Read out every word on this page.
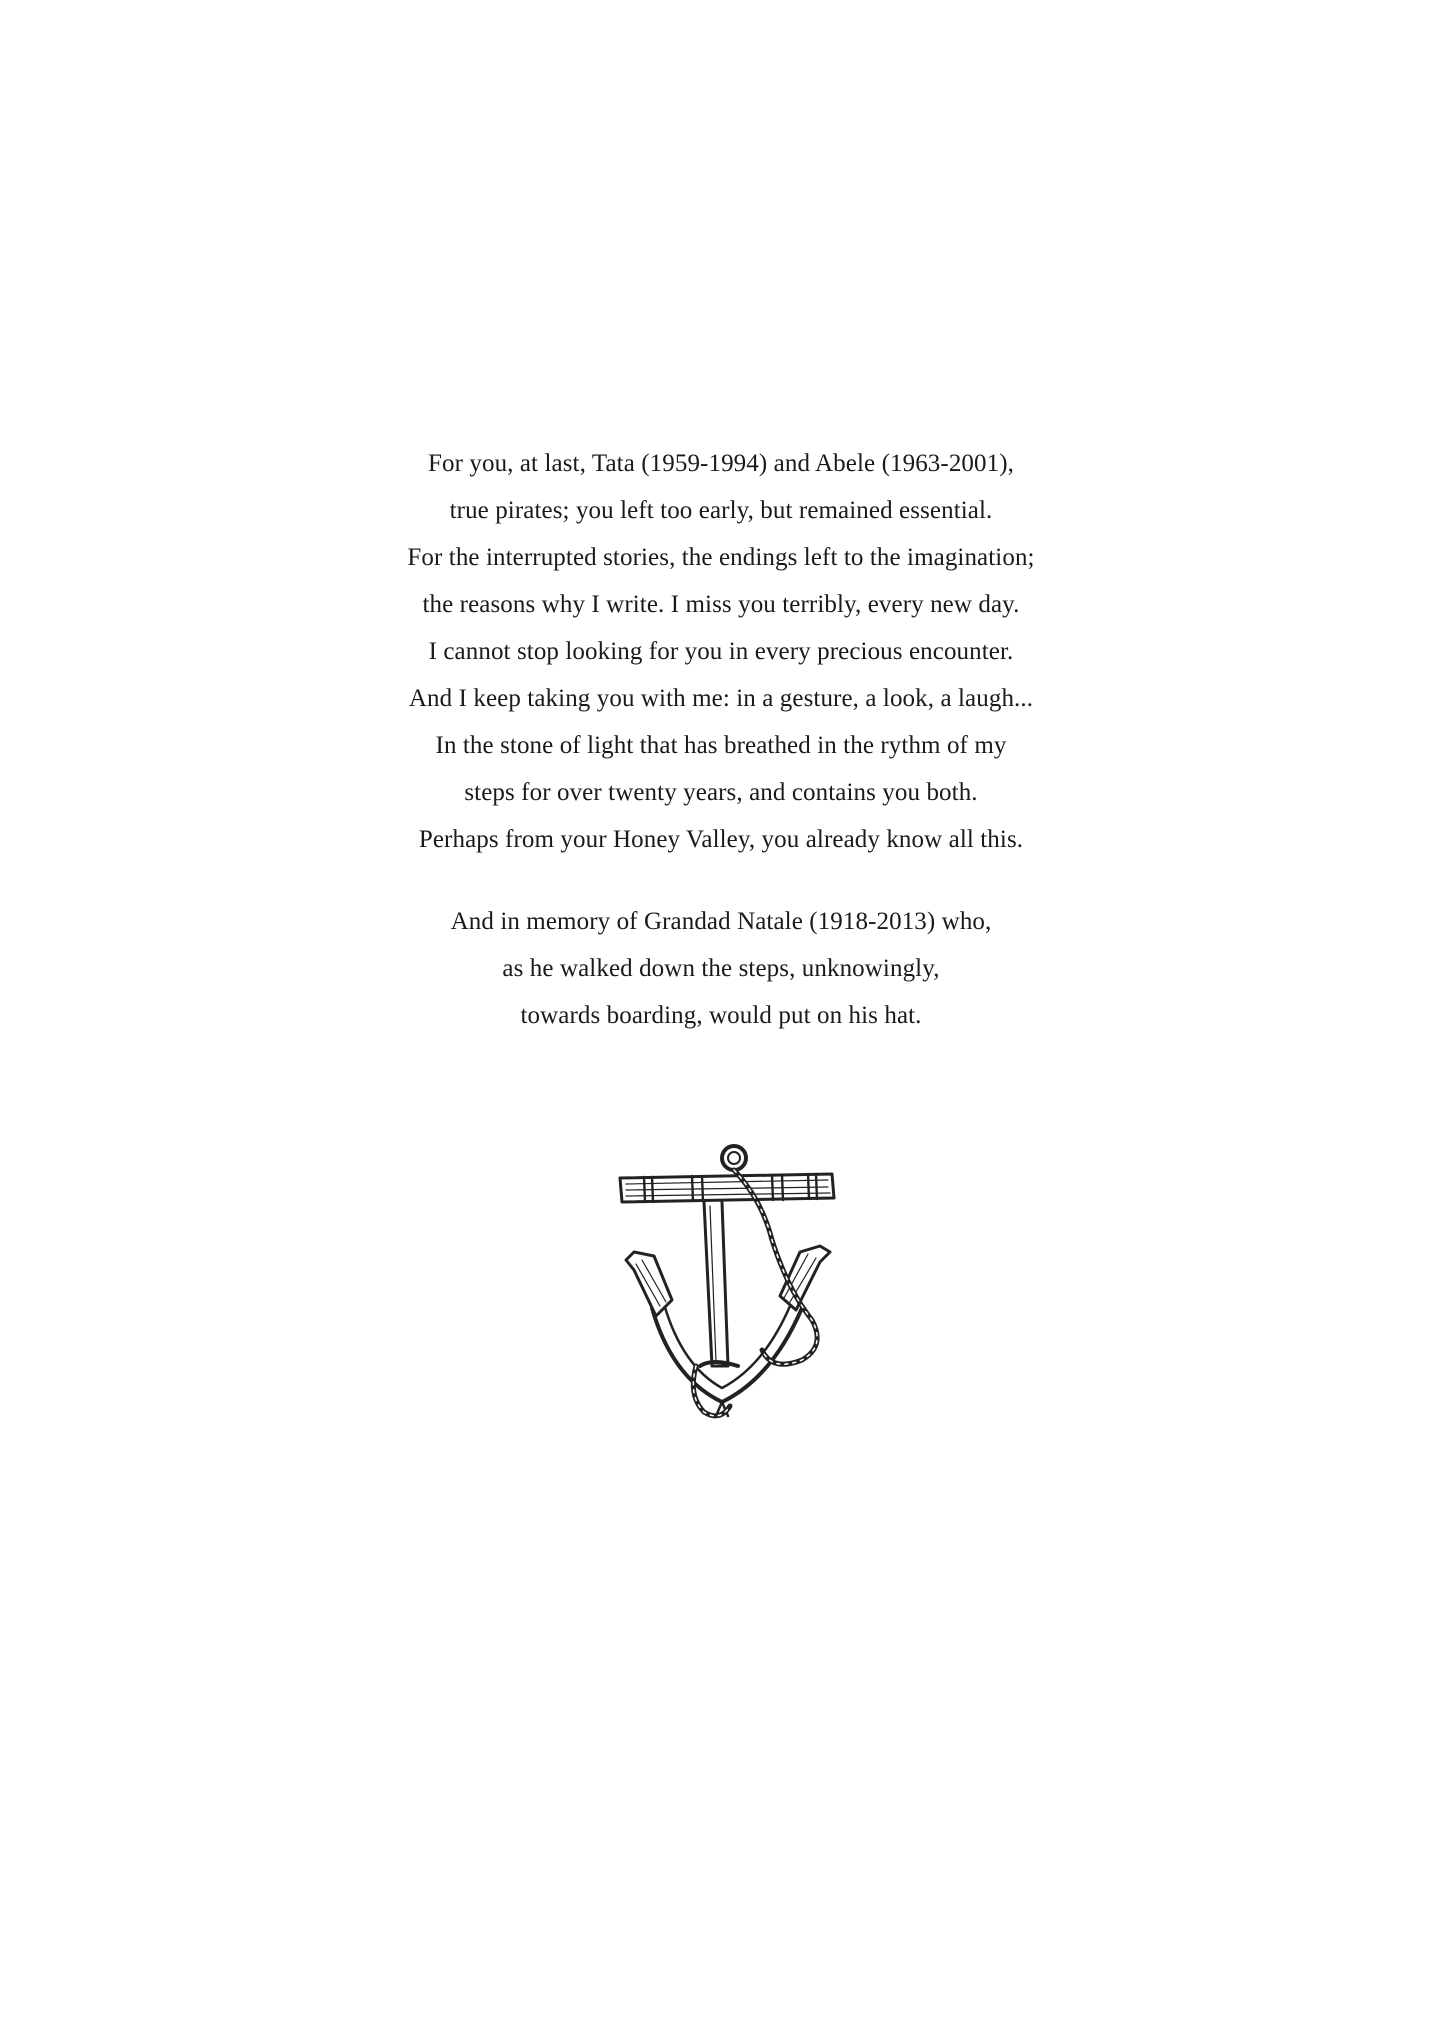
For you, at last, Tata (1959-1994) and Abele (1963-2001),
true pirates; you left too early, but remained essential.
For the interrupted stories, the endings left to the imagination;
the reasons why I write. I miss you terribly, every new day.
I cannot stop looking for you in every precious encounter.
And I keep taking you with me: in a gesture, a look, a laugh...
In the stone of light that has breathed in the rythm of my
steps for over twenty years, and contains you both.
Perhaps from your Honey Valley, you already know all this.
And in memory of Grandad Natale (1918-2013) who,
as he walked down the steps, unknowingly,
towards boarding, would put on his hat.
